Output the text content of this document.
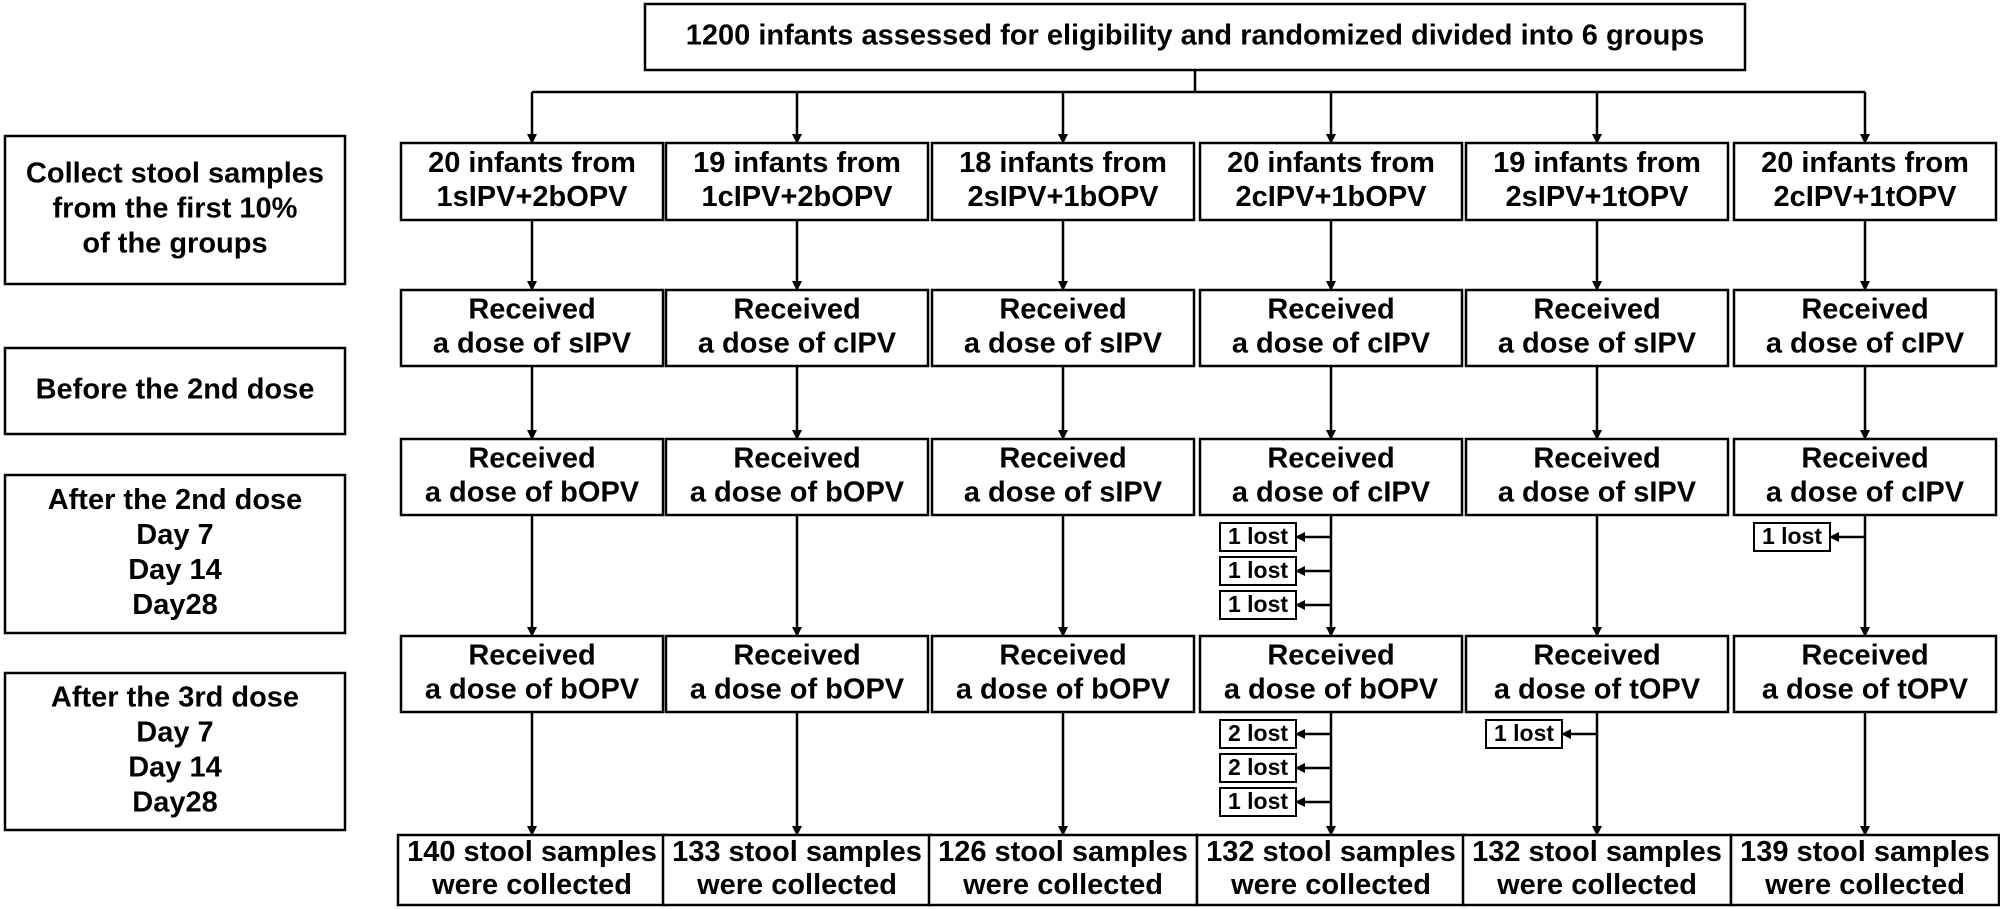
1200 infants assessed for eligibility and randomized divided into 6 groups
Collect stool samples
from the first 10%
of the groups
Before the 2nd dose
After the 2nd dose
Day 7
Day 14
Day28
After the 3rd dose
Day 7
Day 14
Day28
20 infants from
1sIPV+2bOPV
Received
a dose of sIPV
Received
a dose of bOPV
Received
a dose of bOPV
140 stool samples
were collected
19 infants from
1cIPV+2bOPV
Received
a dose of cIPV
Received
a dose of bOPV
Received
a dose of bOPV
133 stool samples
were collected
18 infants from
2sIPV+1bOPV
Received
a dose of sIPV
Received
a dose of sIPV
Received
a dose of bOPV
126 stool samples
were collected
20 infants from
2cIPV+1bOPV
Received
a dose of cIPV
Received
a dose of cIPV
Received
a dose of bOPV
132 stool samples
were collected
1 lost
1 lost
1 lost
2 lost
2 lost
1 lost
19 infants from
2sIPV+1tOPV
Received
a dose of sIPV
Received
a dose of sIPV
Received
a dose of tOPV
132 stool samples
were collected
1 lost
20 infants from
2cIPV+1tOPV
Received
a dose of cIPV
Received
a dose of cIPV
Received
a dose of tOPV
139 stool samples
were collected
1 lost
